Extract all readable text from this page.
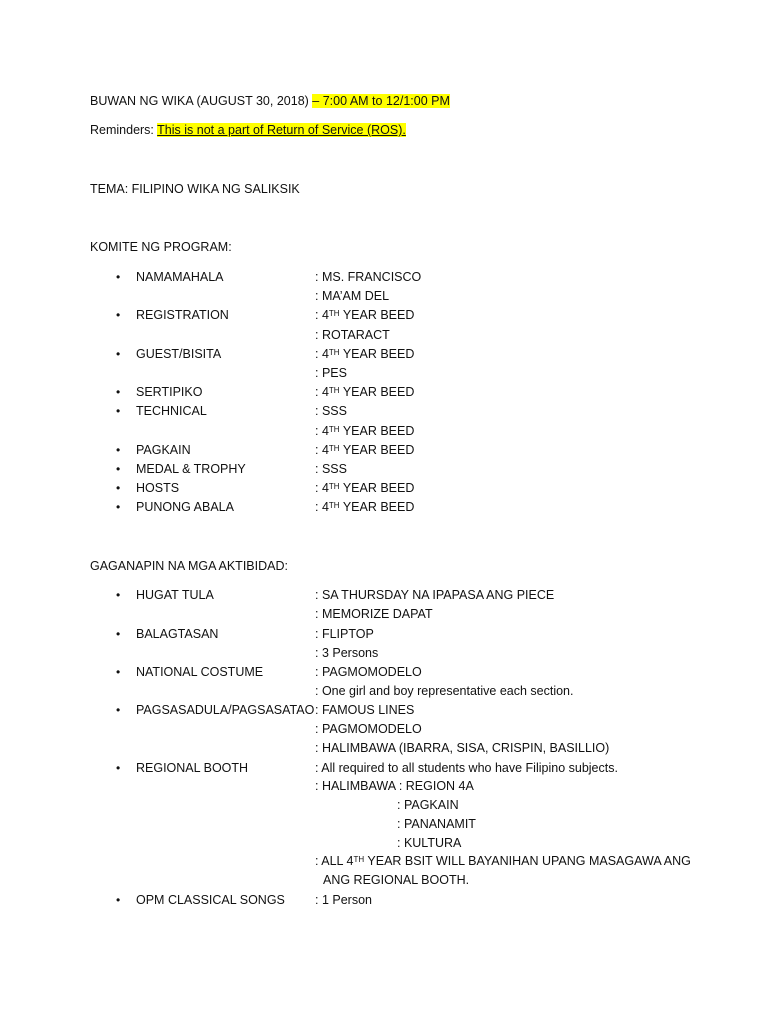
BUWAN NG WIKA (AUGUST 30, 2018) – 7:00 AM to 12/1:00 PM
Reminders: This is not a part of Return of Service (ROS).
TEMA: FILIPINO WIKA NG SALIKSIK
KOMITE NG PROGRAM:
• NAMAMAHALA	: MS. FRANCISCO
: MA’AM DEL
• REGISTRATION	: 4TH YEAR BEED
: ROTARACT
• GUEST/BISITA	: 4TH YEAR BEED
: PES
• SERTIPIKO	: 4TH YEAR BEED
• TECHNICAL	: SSS
: 4TH YEAR BEED
• PAGKAIN	: 4TH YEAR BEED
• MEDAL & TROPHY	: SSS
• HOSTS	: 4TH YEAR BEED
• PUNONG ABALA	: 4TH YEAR BEED
GAGANAPIN NA MGA AKTIBIDAD:
• HUGAT TULA	: SA THURSDAY NA IPAPASA ANG PIECE
: MEMORIZE DAPAT
• BALAGTASAN	: FLIPTOP
: 3 Persons
• NATIONAL COSTUME	: PAGMOMODELO
: One girl and boy representative each section.
• PAGSASADULA/PAGSASATAO : FAMOUS LINES
: PAGMOMODELO
: HALIMBAWA (IBARRA, SISA, CRISPIN, BASILLIO)
• REGIONAL BOOTH	: All required to all students who have Filipino subjects.
: HALIMBAWA : REGION 4A
: PAGKAIN
: PANANAMIT
: KULTURA
: ALL 4TH YEAR BSIT WILL BAYANIHAN UPANG MASAGAWA ANG
ANG REGIONAL BOOTH.
• OPM CLASSICAL SONGS : 1 Person
